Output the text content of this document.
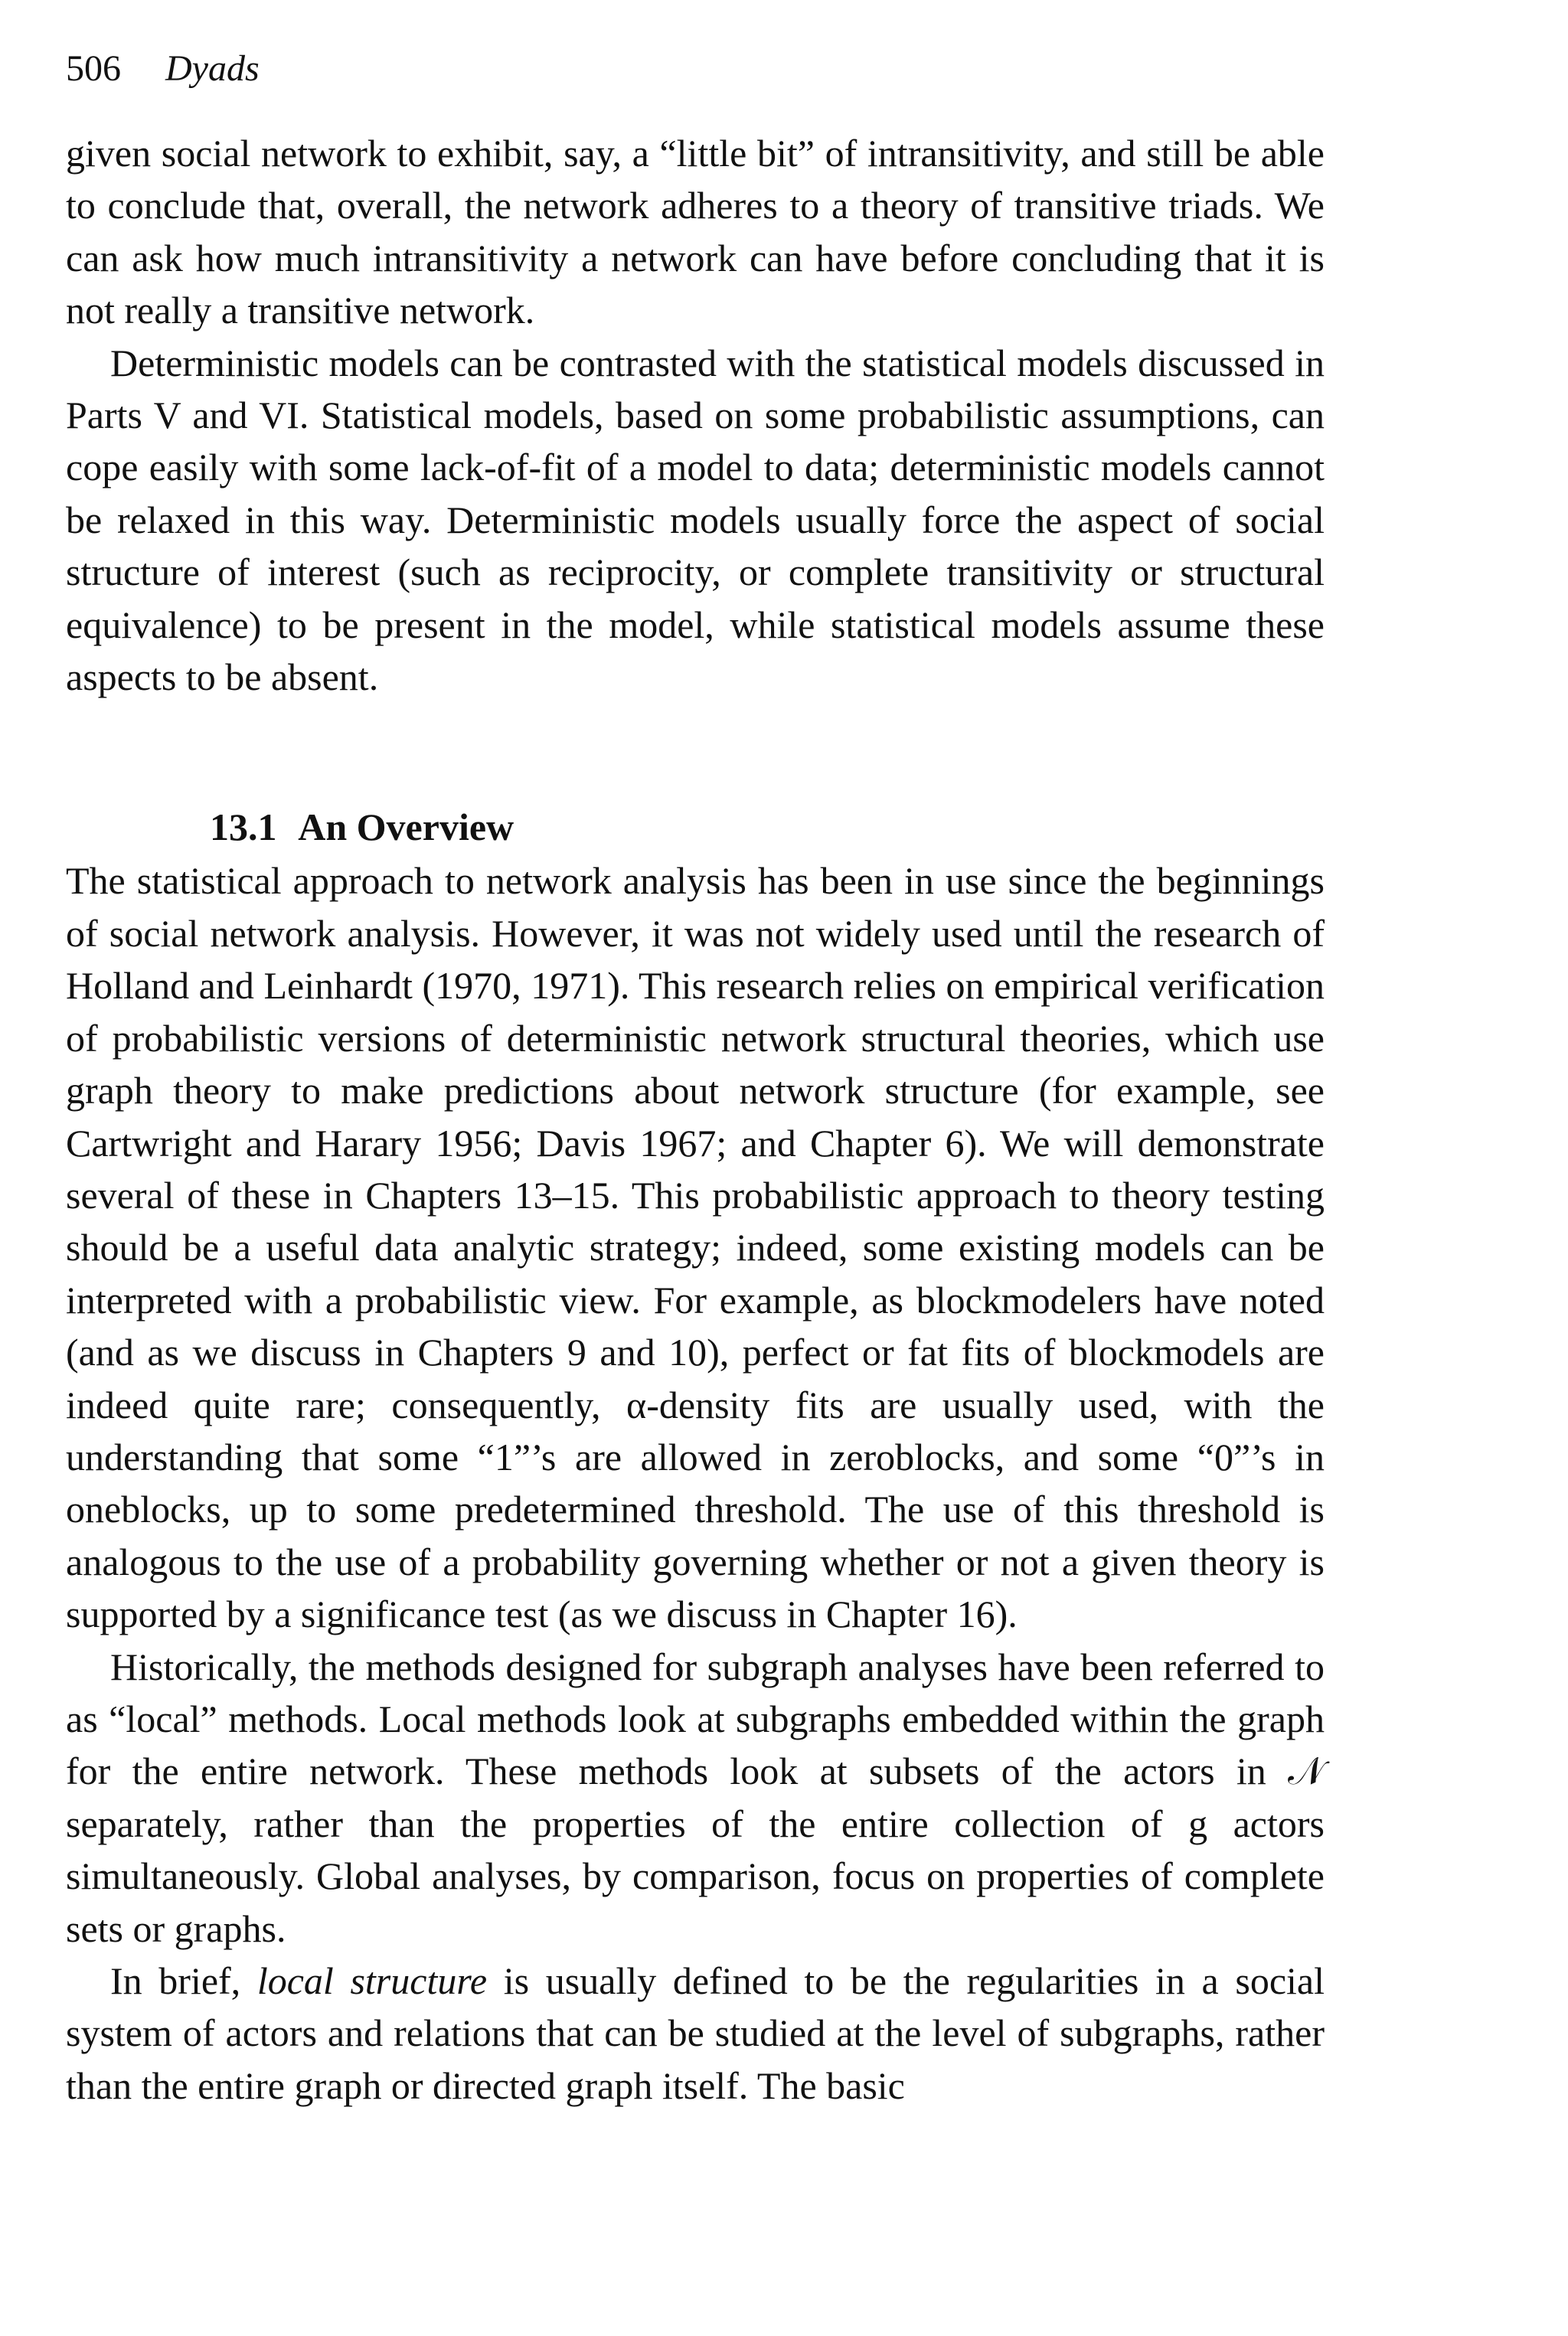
506 Dyads

given social network to exhibit, say, a “little bit” of intransitivity, and still be able to conclude that, overall, the network adheres to a theory of transitive triads. We can ask how much intransitivity a network can have before concluding that it is not really a transitive network.

Deterministic models can be contrasted with the statistical models discussed in Parts V and VI. Statistical models, based on some probabilistic assumptions, can cope easily with some lack-of-fit of a model to data; deterministic models cannot be relaxed in this way. Deterministic models usually force the aspect of social structure of interest (such as reciprocity, or complete transitivity or structural equivalence) to be present in the model, while statistical models assume these aspects to be absent.

13.1 An Overview

The statistical approach to network analysis has been in use since the beginnings of social network analysis. However, it was not widely used until the research of Holland and Leinhardt (1970, 1971). This research relies on empirical verification of probabilistic versions of deterministic network structural theories, which use graph theory to make predictions about network structure (for example, see Cartwright and Harary 1956; Davis 1967; and Chapter 6). We will demonstrate several of these in Chapters 13–15. This probabilistic approach to theory testing should be a useful data analytic strategy; indeed, some existing models can be interpreted with a probabilistic view. For example, as blockmodelers have noted (and as we discuss in Chapters 9 and 10), perfect or fat fits of blockmodels are indeed quite rare; consequently, α-density fits are usually used, with the understanding that some “1”’s are allowed in zeroblocks, and some “0”’s in oneblocks, up to some predetermined threshold. The use of this threshold is analogous to the use of a probability governing whether or not a given theory is supported by a significance test (as we discuss in Chapter 16).

Historically, the methods designed for subgraph analyses have been referred to as “local” methods. Local methods look at subgraphs embedded within the graph for the entire network. These methods look at subsets of the actors in 𝒩 separately, rather than the properties of the entire collection of g actors simultaneously. Global analyses, by comparison, focus on properties of complete sets or graphs.

In brief, local structure is usually defined to be the regularities in a social system of actors and relations that can be studied at the level of subgraphs, rather than the entire graph or directed graph itself. The basic
